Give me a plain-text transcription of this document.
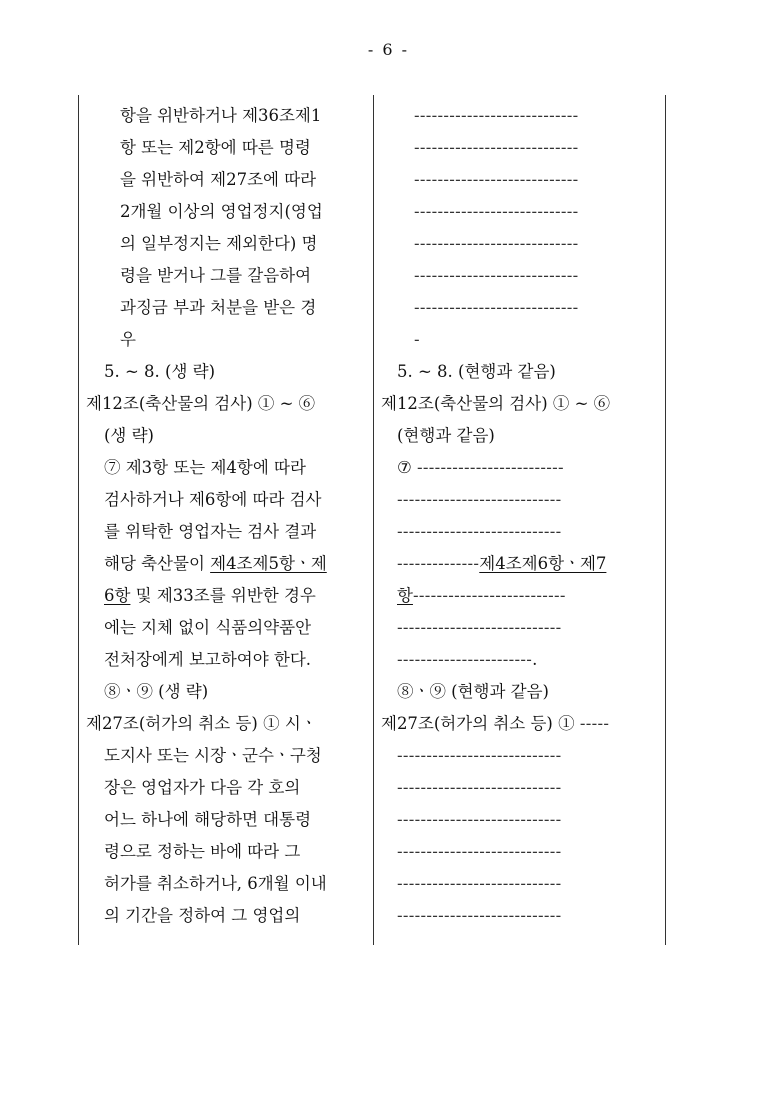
- 6 -
항을 위반하거나 제36조제1
항 또는 제2항에 따른 명령
을 위반하여 제27조에 따라
2개월 이상의 영업정지(영업
의 일부정지는 제외한다) 명
령을 받거나 그를 갈음하여
과징금 부과 처분을 받은 경
우
5. ~ 8. (생 략)
제12조(축산물의 검사) ① ~ ⑥
(생 략)
⑦ 제3항 또는 제4항에 따라
검사하거나 제6항에 따라 검사
를 위탁한 영업자는 검사 결과
해당 축산물이 제4조제5항ㆍ제
6항 및 제33조를 위반한 경우
에는 지체 없이 식품의약품안
전처장에게 보고하여야 한다.
⑧ㆍ⑨ (생 략)
제27조(허가의 취소 등) ① 시ㆍ
도지사 또는 시장ㆍ군수ㆍ구청
장은 영업자가 다음 각 호의
어느 하나에 해당하면 대통령
령으로 정하는 바에 따라 그
허가를 취소하거나, 6개월 이내
의 기간을 정하여 그 영업의
----------------------------
----------------------------
----------------------------
----------------------------
----------------------------
----------------------------
----------------------------
-
5. ~ 8. (현행과 같음)
제12조(축산물의 검사) ① ~ ⑥
(현행과 같음)
⑦ -------------------------
----------------------------
----------------------------
--------------제4조제6항ㆍ제7
항--------------------------
----------------------------
-----------------------.
⑧ㆍ⑨ (현행과 같음)
제27조(허가의 취소 등) ① -----
----------------------------
----------------------------
----------------------------
----------------------------
----------------------------
----------------------------
